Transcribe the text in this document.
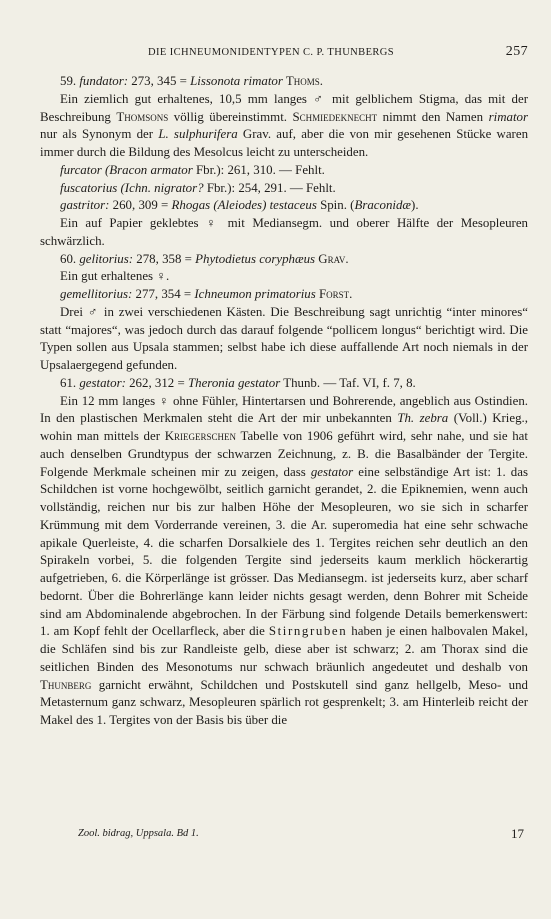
DIE ICHNEUMONIDENTYPEN C. P. THUNBERGS	257

59. fundator: 273, 345 = Lissonota rimator Thoms.

Ein ziemlich gut erhaltenes, 10,5 mm langes ♂ mit gelblichem Stigma, das mit der Beschreibung Thomsons völlig übereinstimmt. Schmiedeknecht nimmt den Namen rimator nur als Synonym der L. sulphurifera Grav. auf, aber die von mir gesehenen Stücke waren immer durch die Bildung des Mesolcus leicht zu unterscheiden.

furcator (Bracon armator Fbr.): 261, 310. — Fehlt.

fuscatorius (Ichn. nigrator? Fbr.): 254, 291. — Fehlt.

gastritor: 260, 309 = Rhogas (Aleiodes) testaceus Spin. (Braconidæ).

Ein auf Papier geklebtes ♀ mit Mediansegm. und oberer Hälfte der Mesopleuren schwärzlich.

60. gelitorius: 278, 358 = Phytodietus coryphæus Grav.

Ein gut erhaltenes ♀.

gemellitorius: 277, 354 = Ichneumon primatorius Forst.

Drei ♂ in zwei verschiedenen Kästen. Die Beschreibung sagt unrichtig “inter minores“ statt “majores“, was jedoch durch das darauf folgende “pollicem longus“ berichtigt wird. Die Typen sollen aus Upsala stammen; selbst habe ich diese auffallende Art noch niemals in der Upsalaergegend gefunden.

61. gestator: 262, 312 = Theronia gestator Thunb. — Taf. VI, f. 7, 8.

Ein 12 mm langes ♀ ohne Fühler, Hintertarsen und Bohrerende, angeblich aus Ostindien. In den plastischen Merkmalen steht die Art der mir unbekannten Th. zebra (Voll.) Krieg., wohin man mittels der Kriegerschen Tabelle von 1906 geführt wird, sehr nahe, und sie hat auch denselben Grundtypus der schwarzen Zeichnung, z. B. die Basalbänder der Tergite. Folgende Merkmale scheinen mir zu zeigen, dass gestator eine selbständige Art ist: 1. das Schildchen ist vorne hochgewölbt, seitlich garnicht gerandet, 2. die Epiknemien, wenn auch vollständig, reichen nur bis zur halben Höhe der Mesopleuren, wo sie sich in scharfer Krümmung mit dem Vorderrande vereinen, 3. die Ar. superomedia hat eine sehr schwache apikale Querleiste, 4. die scharfen Dorsalkiele des 1. Tergites reichen sehr deutlich an den Spirakeln vorbei, 5. die folgenden Tergite sind jederseits kaum merklich höckerartig aufgetrieben, 6. die Körperlänge ist grösser. Das Mediansegm. ist jederseits kurz, aber scharf bedornt. Über die Bohrerlänge kann leider nichts gesagt werden, denn Bohrer mit Scheide sind am Abdominalende abgebrochen. In der Färbung sind folgende Details bemerkenswert: 1. am Kopf fehlt der Ocellarfleck, aber die Stirngruben haben je einen halbovalen Makel, die Schläfen sind bis zur Randleiste gelb, diese aber ist schwarz; 2. am Thorax sind die seitlichen Binden des Mesonotums nur schwach bräunlich angedeutet und deshalb von Thunberg garnicht erwähnt, Schildchen und Postskutell sind ganz hellgelb, Meso- und Metasternum ganz schwarz, Mesopleuren spärlich rot gesprenkelt; 3. am Hinterleib reicht der Makel des 1. Tergites von der Basis bis über die

Zool. bidrag, Uppsala. Bd 1.	17
